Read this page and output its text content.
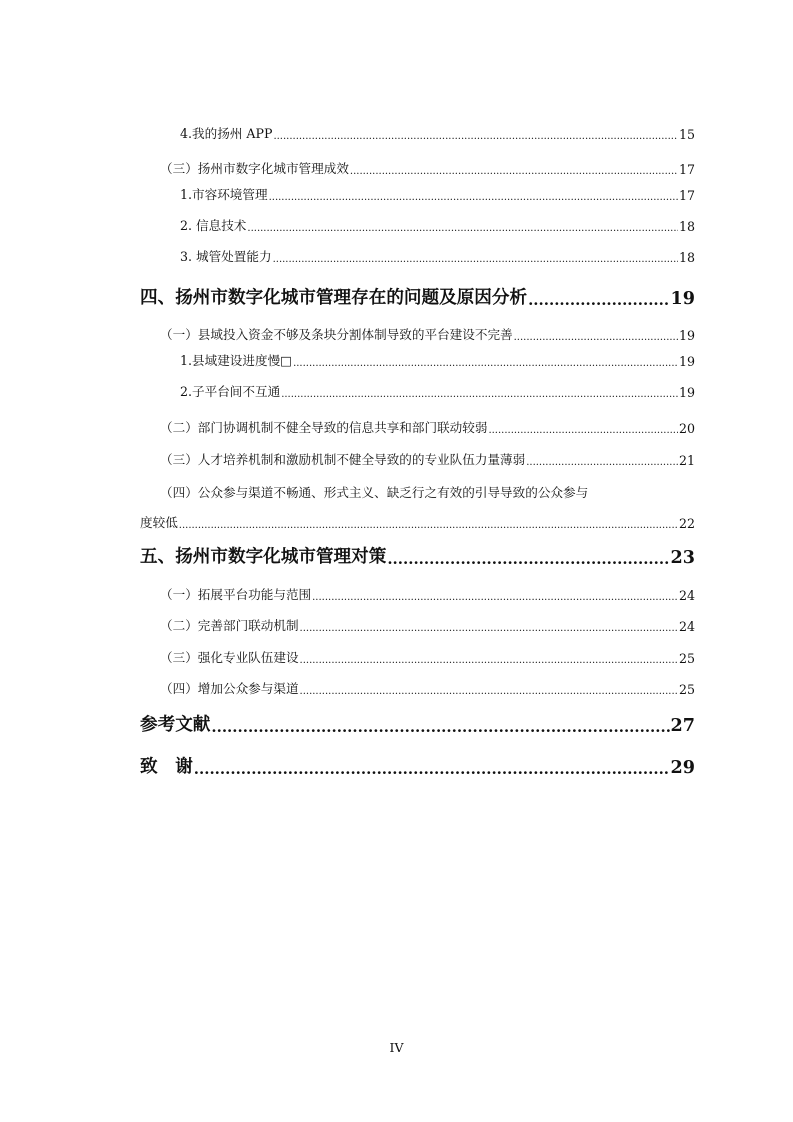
4.我的扬州 APP .....	15
（三）扬州市数字化城市管理成效 .....	17
1.市容环境管理 .....	17
2. 信息技术 .....	18
3. 城管处置能力 .....	18
四、扬州市数字化城市管理存在的问题及原因分析 .....	19
（一）县域投入资金不够及条块分割体制导致的平台建设不完善 .....	19
1.县域建设进度慢□ .....	19
2.子平台间不互通 .....	19
（二）部门协调机制不健全导致的信息共享和部门联动较弱 .....	20
（三）人才培养机制和激励机制不健全导致的的专业队伍力量薄弱 .....	21
（四）公众参与渠道不畅通、形式主义、缺乏行之有效的引导导致的公众参与
度较低 .....	22
五、扬州市数字化城市管理对策 .....	23
（一）拓展平台功能与范围 .....	24
（二）完善部门联动机制 .....	24
（三）强化专业队伍建设 .....	25
（四）增加公众参与渠道 .....	25
参考文献 .....	27
致　谢 .....	29
IV
